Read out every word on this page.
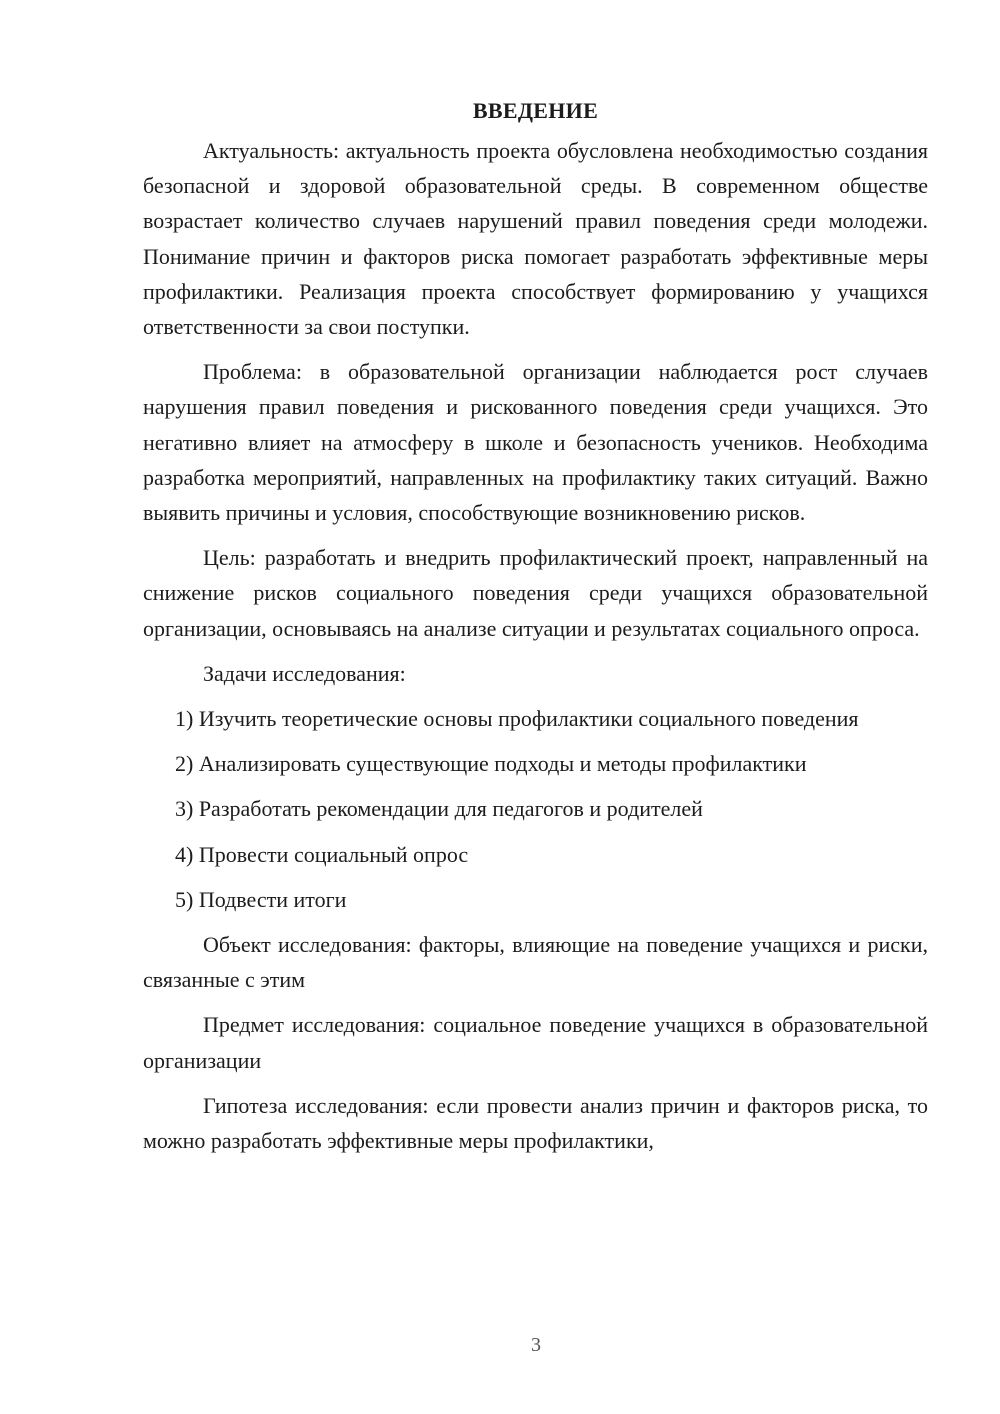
ВВЕДЕНИЕ

Актуальность: актуальность проекта обусловлена необходимостью создания безопасной и здоровой образовательной среды. В современном обществе возрастает количество случаев нарушений правил поведения среди молодежи. Понимание причин и факторов риска помогает разработать эффективные меры профилактики. Реализация проекта способствует формированию у учащихся ответственности за свои поступки.

Проблема: в образовательной организации наблюдается рост случаев нарушения правил поведения и рискованного поведения среди учащихся. Это негативно влияет на атмосферу в школе и безопасность учеников. Необходима разработка мероприятий, направленных на профилактику таких ситуаций. Важно выявить причины и условия, способствующие возникновению рисков.

Цель: разработать и внедрить профилактический проект, направленный на снижение рисков социального поведения среди учащихся образовательной организации, основываясь на анализе ситуации и результатах социального опроса.

Задачи исследования:

1) Изучить теоретические основы профилактики социального поведения

2) Анализировать существующие подходы и методы профилактики

3) Разработать рекомендации для педагогов и родителей

4) Провести социальный опрос

5) Подвести итоги

Объект исследования: факторы, влияющие на поведение учащихся и риски, связанные с этим

Предмет исследования: социальное поведение учащихся в образовательной организации

Гипотеза исследования: если провести анализ причин и факторов риска, то можно разработать эффективные меры профилактики,

3
